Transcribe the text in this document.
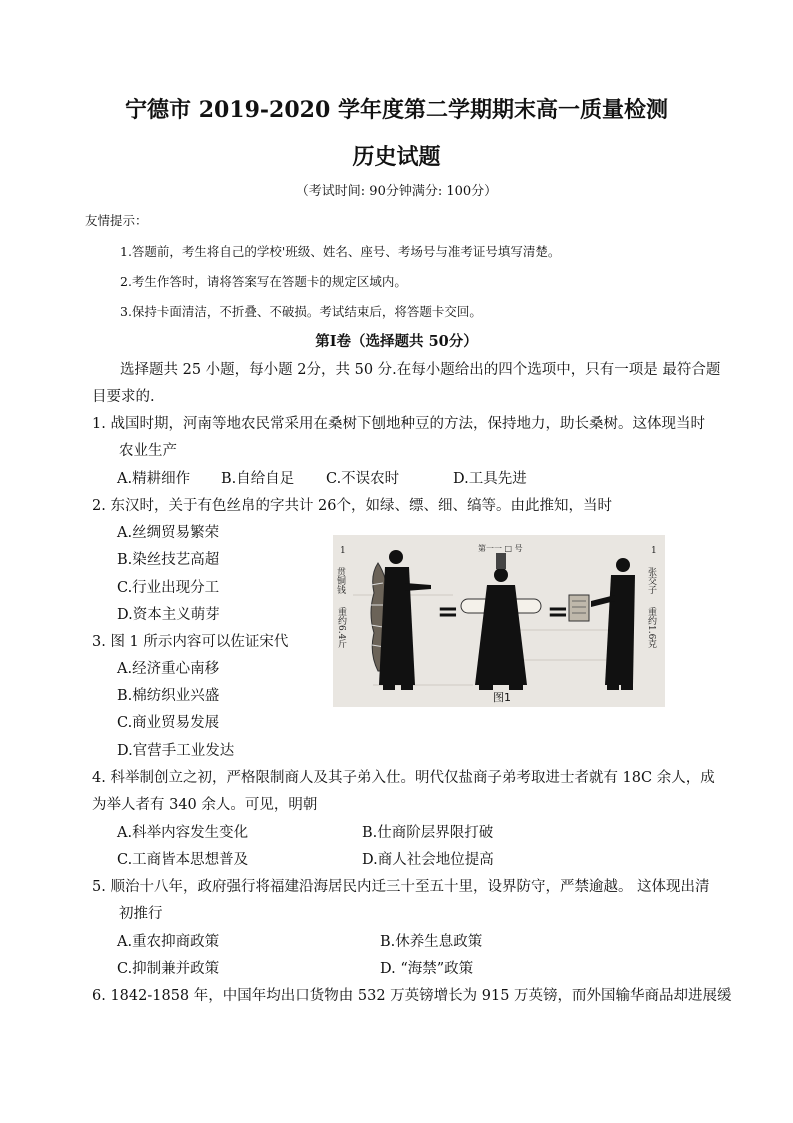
宁德市 2019-2020 学年度第二学期期末高一质量检测
历史试题
（考试时间: 90分钟满分: 100分）
友情提示：
1.答题前，考生将自己的学校'班级、姓名、座号、考场号与准考证号填写清楚。
2.考生作答时，请将答案写在答题卡的规定区域内。
3.保持卡面清洁，不折叠、不破损。考试结束后，将答题卡交回。
第Ⅰ卷（选择题共 50分）
选择题共 25 小题，每小题 2分，共 50 分.在每小题给出的四个选项中，只有一项是 最符合题
目要求的.
1. 战国时期，河南等地农民常采用在桑树下刨地种豆的方法，保持地力，助长桑树。这体现当时
农业生产
A.精耕细作 B.自给自足 C.不误农时	D.工具先进
2. 东汉时，关于有色丝帛的字共计 26个，如绿、缥、细、缟等。由此推知，当时
A.丝绸贸易繁荣
B.染丝技艺高超
C.行业出现分工
D.资本主义萌芽
3. 图 1 所示内容可以佐证宋代
A.经济重心南移
B.棉纺织业兴盛
C.商业贸易发展
D.官营手工业发达
1
贯铜钱
重约6.4斤	=
第一一 □ 号
=
1
张交子
重约1.6克
图1
4. 科举制创立之初，严格限制商人及其子弟入仕。明代仅盐商子弟考取进士者就有 18C 余人，成
为举人者有 340 余人。可见，明朝
A.科举内容发生变化	B.仕商阶层界限打破
C.工商皆本思想普及	D.商人社会地位提高
5. 顺治十八年，政府强行将福建沿海居民内迁三十至五十里，设界防守，严禁逾越。 这体现出清
初推行
A.重农抑商政策	B.休养生息政策
C.抑制兼并政策	D. “海禁”政策
6. 1842-1858 年，中国年均出口货物由 532 万英镑增长为 915 万英镑，而外国输华商品却进展缓
